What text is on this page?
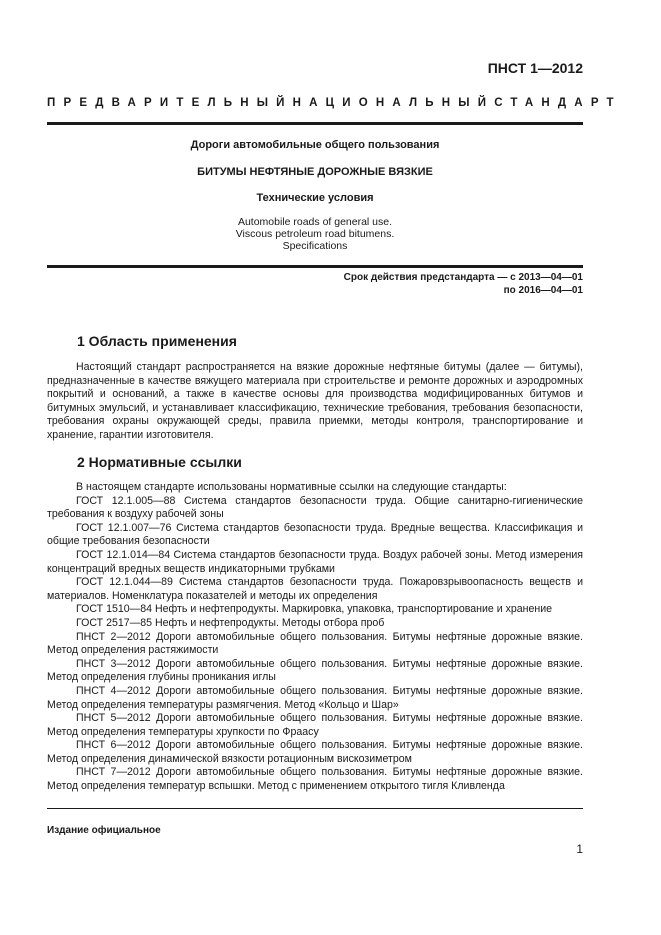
ПНСТ 1—2012
ПРЕДВАРИТЕЛЬНЫЙ НАЦИОНАЛЬНЫЙ СТАНДАРТ
Дороги автомобильные общего пользования
БИТУМЫ НЕФТЯНЫЕ ДОРОЖНЫЕ ВЯЗКИЕ
Технические условия
Automobile roads of general use.
Viscous petroleum road bitumens.
Specifications
Срок действия предстандарта — с 2013—04—01
по 2016—04—01
1 Область применения

Настоящий стандарт распространяется на вязкие дорожные нефтяные битумы (далее — битумы), предназначенные в качестве вяжущего материала при строительстве и ремонте дорожных и аэродромных покрытий и оснований, а также в качестве основы для производства модифицированных битумов и битумных эмульсий, и устанавливает классификацию, технические требования, требования безопасности, требования охраны окружающей среды, правила приемки, методы контроля, транспортирование и хранение, гарантии изготовителя.

2 Нормативные ссылки

В настоящем стандарте использованы нормативные ссылки на следующие стандарты:

ГОСТ 12.1.005—88 Система стандартов безопасности труда. Общие санитарно-гигиенические требования к воздуху рабочей зоны

ГОСТ 12.1.007—76 Система стандартов безопасности труда. Вредные вещества. Классификация и общие требования безопасности

ГОСТ 12.1.014—84 Система стандартов безопасности труда. Воздух рабочей зоны. Метод измерения концентраций вредных веществ индикаторными трубками

ГОСТ 12.1.044—89 Система стандартов безопасности труда. Пожаровзрывоопасность веществ и материалов. Номенклатура показателей и методы их определения

ГОСТ 1510—84 Нефть и нефтепродукты. Маркировка, упаковка, транспортирование и хранение

ГОСТ 2517—85 Нефть и нефтепродукты. Методы отбора проб

ПНСТ 2—2012 Дороги автомобильные общего пользования. Битумы нефтяные дорожные вязкие. Метод определения растяжимости

ПНСТ 3—2012 Дороги автомобильные общего пользования. Битумы нефтяные дорожные вязкие. Метод определения глубины проникания иглы

ПНСТ 4—2012 Дороги автомобильные общего пользования. Битумы нефтяные дорожные вязкие. Метод определения температуры размягчения. Метод «Кольцо и Шар»

ПНСТ 5—2012 Дороги автомобильные общего пользования. Битумы нефтяные дорожные вязкие. Метод определения температуры хрупкости по Фраасу

ПНСТ 6—2012 Дороги автомобильные общего пользования. Битумы нефтяные дорожные вязкие. Метод определения динамической вязкости ротационным вискозиметром

ПНСТ 7—2012 Дороги автомобильные общего пользования. Битумы нефтяные дорожные вязкие. Метод определения температур вспышки. Метод с применением открытого тигля Кливленда

Издание официальное
1
